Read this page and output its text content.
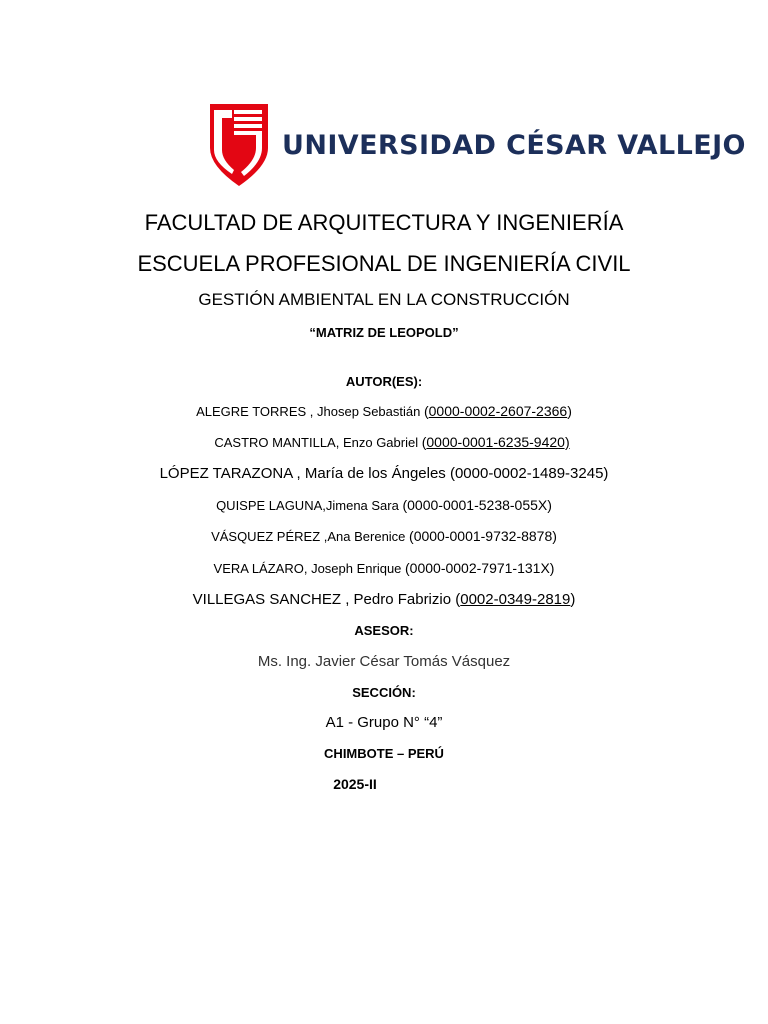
UNIVERSIDAD CÉSAR VALLEJO
FACULTAD DE ARQUITECTURA Y INGENIERÍA
ESCUELA PROFESIONAL DE INGENIERÍA CIVIL
GESTIÓN AMBIENTAL EN LA CONSTRUCCIÓN
“MATRIZ DE LEOPOLD”
AUTOR(ES):
ALEGRE TORRES , Jhosep Sebastián (0000-0002-2607-2366)
CASTRO MANTILLA, Enzo Gabriel (0000-0001-6235-9420)
LÓPEZ TARAZONA , María de los Ángeles (0000-0002-1489-3245)
QUISPE LAGUNA,Jimena Sara (0000-0001-5238-055X)
VÁSQUEZ PÉREZ ,Ana Berenice (0000-0001-9732-8878)
VERA LÁZARO, Joseph Enrique (0000-0002-7971-131X)
VILLEGAS SANCHEZ , Pedro Fabrizio (0002-0349-2819)
ASESOR:
Ms. Ing. Javier César Tomás Vásquez
SECCIÓN:
A1 - Grupo N° “4”
CHIMBOTE – PERÚ
2025-II
